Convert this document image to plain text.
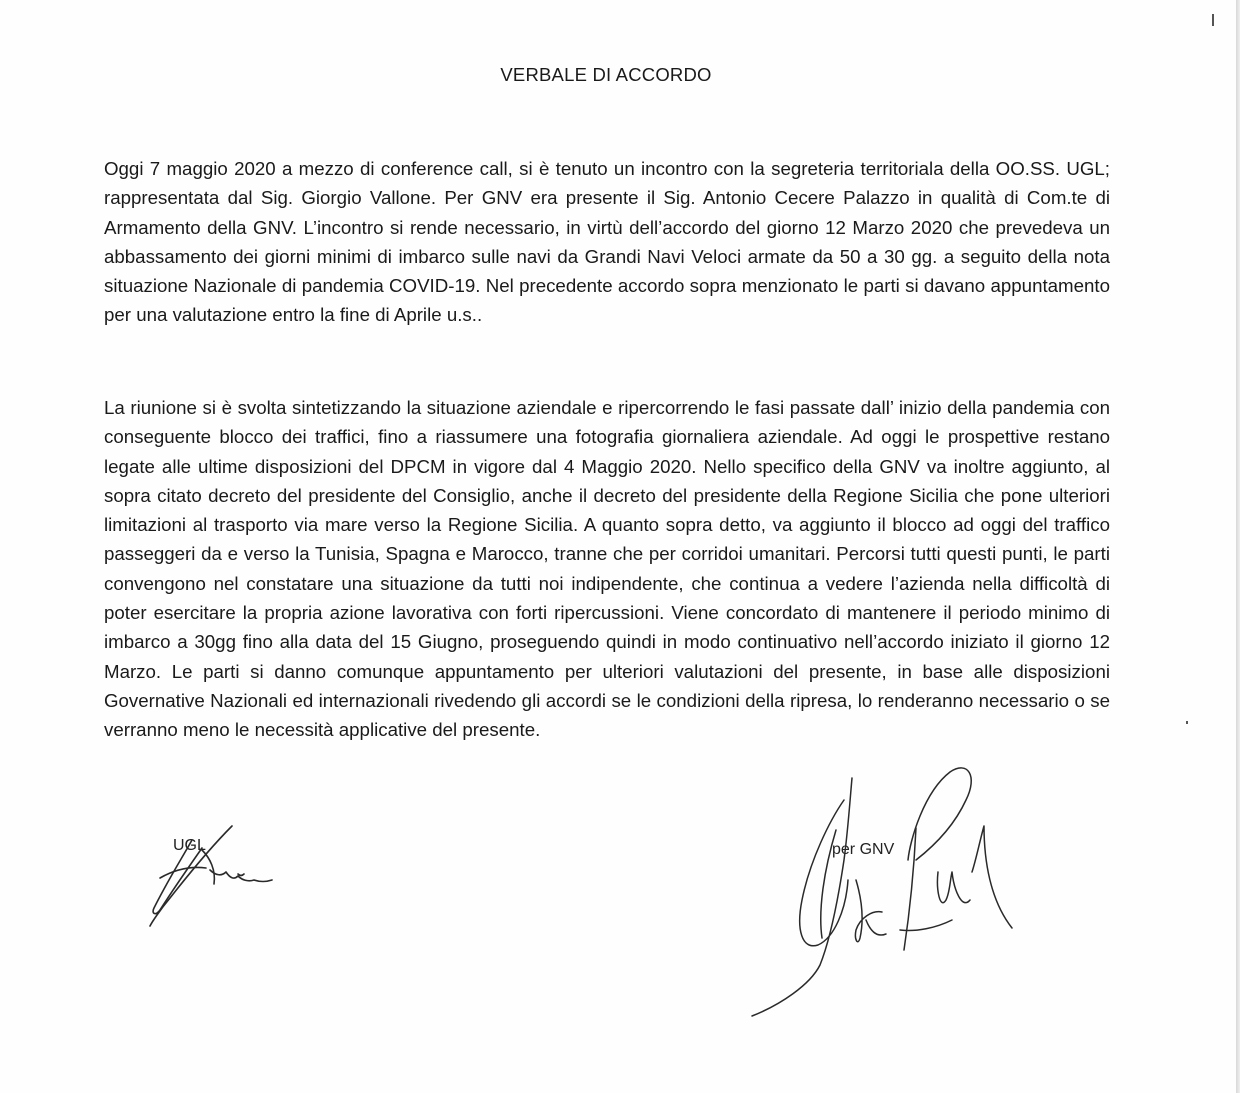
VERBALE DI ACCORDO

Oggi 7 maggio 2020 a mezzo di conference call, si è tenuto un incontro con la segreteria territoriala della OO.SS. UGL; rappresentata dal Sig. Giorgio Vallone. Per GNV era presente il Sig. Antonio Cecere Palazzo in qualità di Com.te di Armamento della GNV. L’incontro si rende necessario, in virtù dell’accordo del giorno 12 Marzo 2020 che prevedeva un abbassamento dei giorni minimi di imbarco sulle navi da Grandi Navi Veloci armate da 50 a 30 gg. a seguito della nota situazione Nazionale di pandemia COVID-19. Nel precedente accordo sopra menzionato le parti si davano appuntamento per una valutazione entro la fine di Aprile u.s..

La riunione si è svolta sintetizzando la situazione aziendale e ripercorrendo le fasi passate dall’ inizio della pandemia con conseguente blocco dei traffici, fino a riassumere una fotografia giornaliera aziendale. Ad oggi le prospettive restano legate alle ultime disposizioni del DPCM in vigore dal 4 Maggio 2020. Nello specifico della GNV va inoltre aggiunto, al sopra citato decreto del presidente del Consiglio, anche il decreto del presidente della Regione Sicilia che pone ulteriori limitazioni al trasporto via mare verso la Regione Sicilia. A quanto sopra detto, va aggiunto il blocco ad oggi del traffico passeggeri da e verso la Tunisia, Spagna e Marocco, tranne che per corridoi umanitari. Percorsi tutti questi punti, le parti convengono nel constatare una situazione da tutti noi indipendente, che continua a vedere l’azienda nella difficoltà di poter esercitare la propria azione lavorativa con forti ripercussioni. Viene concordato di mantenere il periodo minimo di imbarco a 30gg fino alla data del 15 Giugno, proseguendo quindi in modo continuativo nell’accordo iniziato il giorno 12 Marzo. Le parti si danno comunque appuntamento per ulteriori valutazioni del presente, in base alle disposizioni Governative Nazionali ed internazionali rivedendo gli accordi se le condizioni della ripresa, lo renderanno necessario o se verranno meno le necessità applicative del presente.

UGL	per GNV
